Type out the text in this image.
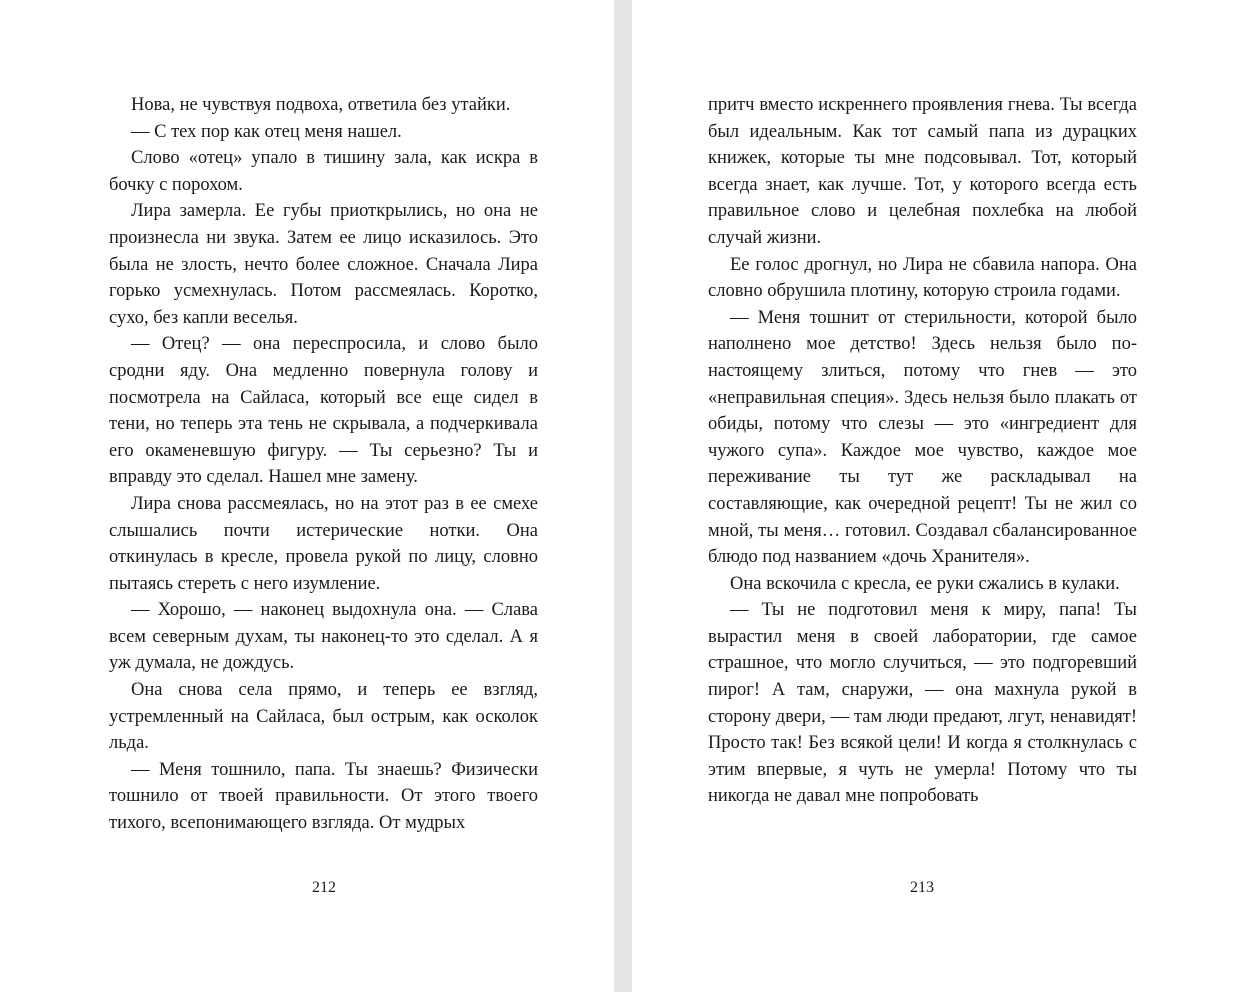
Нова, не чувствуя подвоха, ответила без утайки.

— С тех пор как отец меня нашел.

Слово «отец» упало в тишину зала, как искра в бочку с порохом.

Лира замерла. Ее губы приоткрылись, но она не произнесла ни звука. Затем ее лицо исказилось. Это была не злость, нечто более сложное. Сначала Лира горько усмехнулась. Потом рассмеялась. Коротко, сухо, без капли веселья.

— Отец? — она переспросила, и слово было сродни яду. Она медленно повернула голову и посмотрела на Сайласа, который все еще сидел в тени, но теперь эта тень не скрывала, а подчеркивала его окаменевшую фигуру. — Ты серьезно? Ты и вправду это сделал. Нашел мне замену.

Лира снова рассмеялась, но на этот раз в ее смехе слышались почти истерические нотки. Она откинулась в кресле, провела рукой по лицу, словно пытаясь стереть с него изумление.

— Хорошо, — наконец выдохнула она. — Слава всем северным духам, ты наконец-то это сделал. А я уж думала, не дождусь.

Она снова села прямо, и теперь ее взгляд, устремленный на Сайласа, был острым, как осколок льда.

— Меня тошнило, папа. Ты знаешь? Физически тошнило от твоей правильности. От этого твоего тихого, всепонимающего взгляда. От мудрых

212

притч вместо искреннего проявления гнева. Ты всегда был идеальным. Как тот самый папа из дурацких книжек, которые ты мне подсовывал. Тот, который всегда знает, как лучше. Тот, у которого всегда есть правильное слово и целебная похлебка на любой случай жизни.

Ее голос дрогнул, но Лира не сбавила напора. Она словно обрушила плотину, которую строила годами.

— Меня тошнит от стерильности, которой было наполнено мое детство! Здесь нельзя было по-настоящему злиться, потому что гнев — это «неправильная специя». Здесь нельзя было плакать от обиды, потому что слезы — это «ингредиент для чужого супа». Каждое мое чувство, каждое мое переживание ты тут же раскладывал на составляющие, как очередной рецепт! Ты не жил со мной, ты меня… готовил. Создавал сбалансированное блюдо под названием «дочь Хранителя».

Она вскочила с кресла, ее руки сжались в кулаки.

— Ты не подготовил меня к миру, папа! Ты вырастил меня в своей лаборатории, где самое страшное, что могло случиться, — это подгоревший пирог! А там, снаружи, — она махнула рукой в сторону двери, — там люди предают, лгут, ненавидят! Просто так! Без всякой цели! И когда я столкнулась с этим впервые, я чуть не умерла! Потому что ты никогда не давал мне попробовать

213
